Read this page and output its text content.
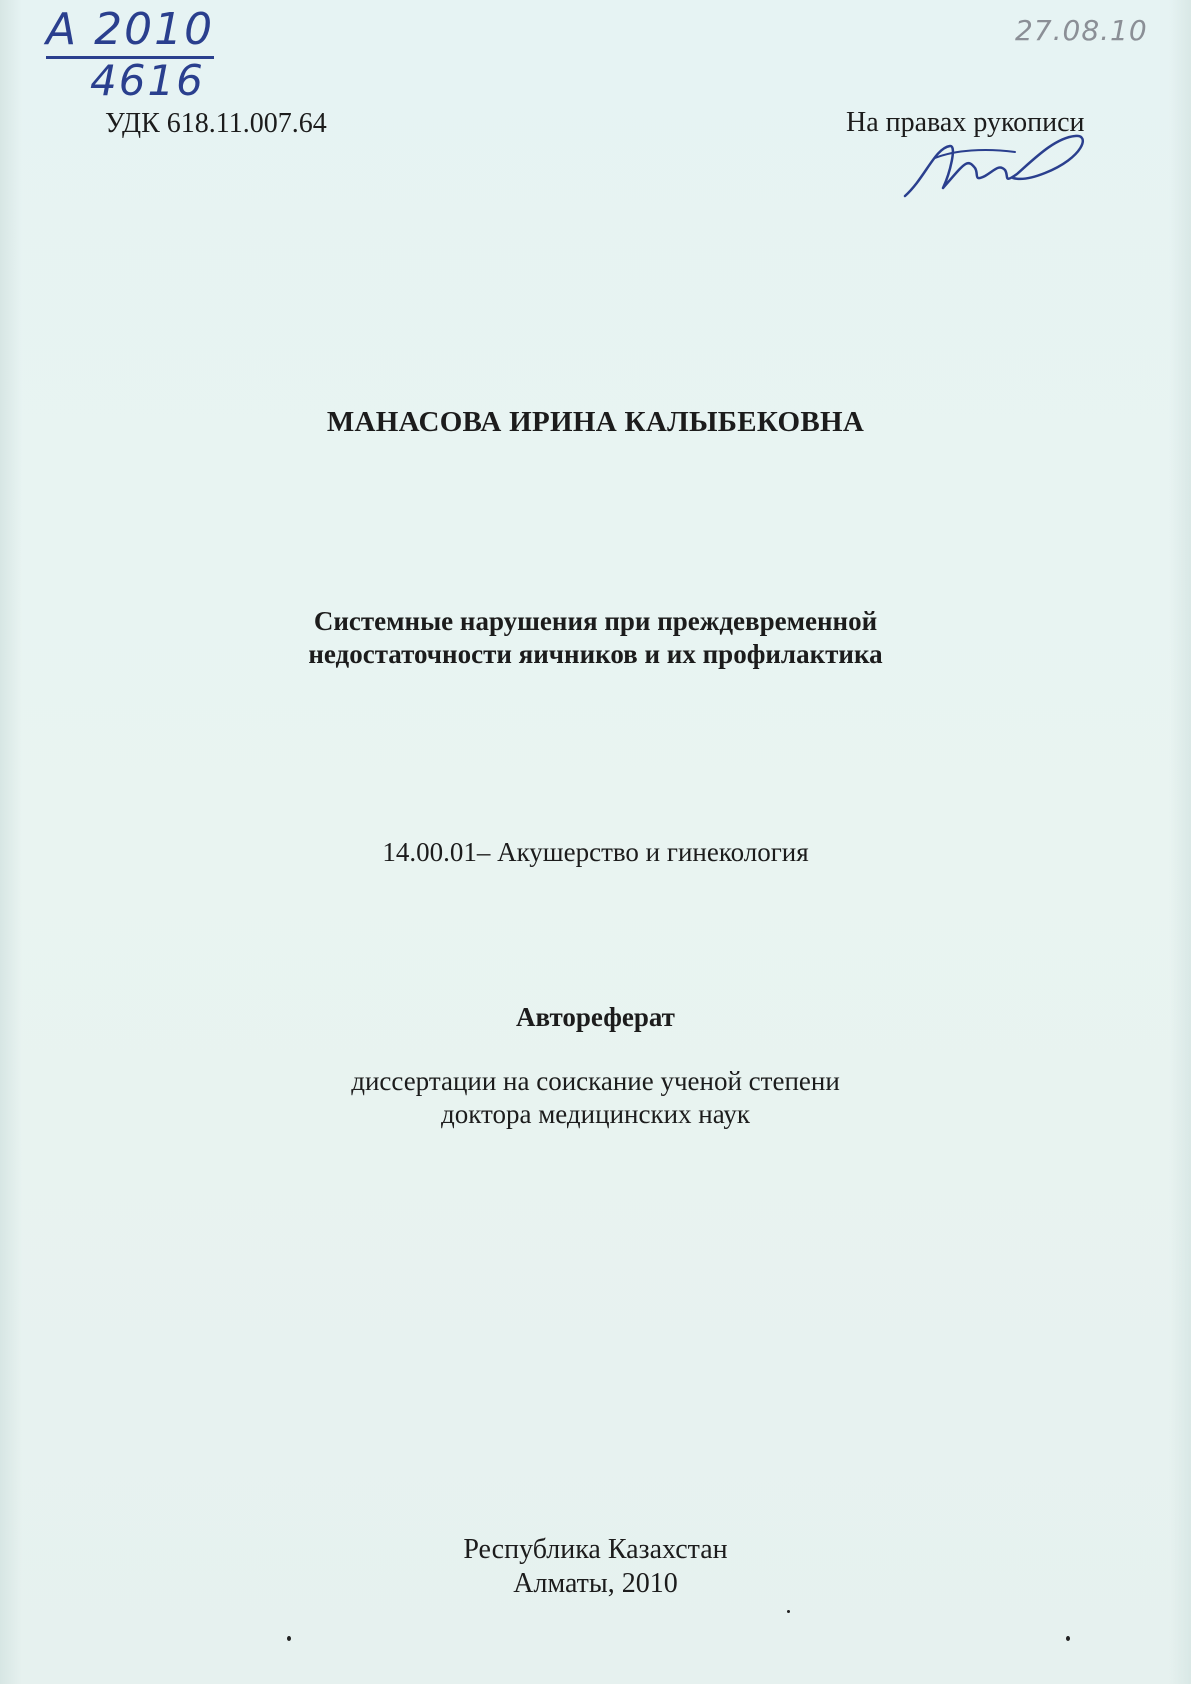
А 2010
4616
27.08.10
УДК 618.11.007.64	На правах рукописи
МАНАСОВА ИРИНА КАЛЫБЕКОВНА
Системные нарушения при преждевременной
недостаточности яичников и их профилактика
14.00.01– Акушерство и гинекология
Автореферат
диссертации на соискание ученой степени
доктора медицинских наук
Республика Казахстан
Алматы, 2010
